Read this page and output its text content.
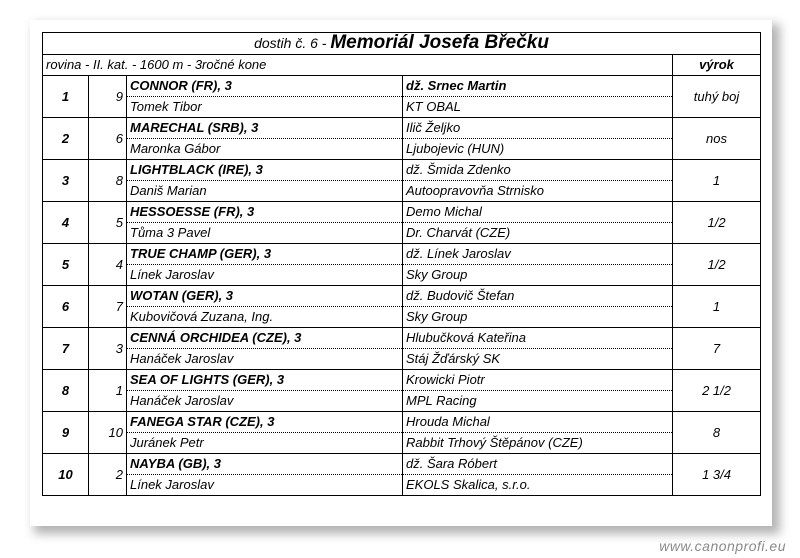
dostih č. 6 - Memoriál Josefa Břečku				
rovina - II. kat. - 1600 m - 3ročné kone				výrok
1	9	CONNOR (FR), 3	dž. Srnec Martin	tuhý boj
		Tomek Tibor	KT OBAL	
2	6	MARECHAL (SRB), 3	Ilič Željko	nos
		Maronka Gábor	Ljubojevic (HUN)	
3	8	LIGHTBLACK (IRE), 3	dž. Šmida Zdenko	1
		Daniš Marian	Autoopravovňa Strnisko	
4	5	HESSOESSE (FR), 3	Demo Michal	1/2
		Tůma 3 Pavel	Dr. Charvát (CZE)	
5	4	TRUE CHAMP (GER), 3	dž. Línek Jaroslav	1/2
		Línek Jaroslav	Sky Group	
6	7	WOTAN (GER), 3	dž. Budovič Štefan	1
		Kubovičová Zuzana, Ing.	Sky Group	
7	3	CENNÁ ORCHIDEA (CZE), 3	Hlubučková Kateřina	7
		Hanáček Jaroslav	Stáj Žďárský SK	
8	1	SEA OF LIGHTS (GER), 3	Krowicki Piotr	2 1/2
		Hanáček Jaroslav	MPL Racing	
9	10	FANEGA STAR (CZE), 3	Hrouda Michal	8
		Juránek Petr	Rabbit Trhový Štěpánov (CZE)	
10	2	NAYBA (GB), 3	dž. Šara Róbert	1 3/4
		Línek Jaroslav	EKOLS Skalica, s.r.o.	
www.canonprofi.eu
